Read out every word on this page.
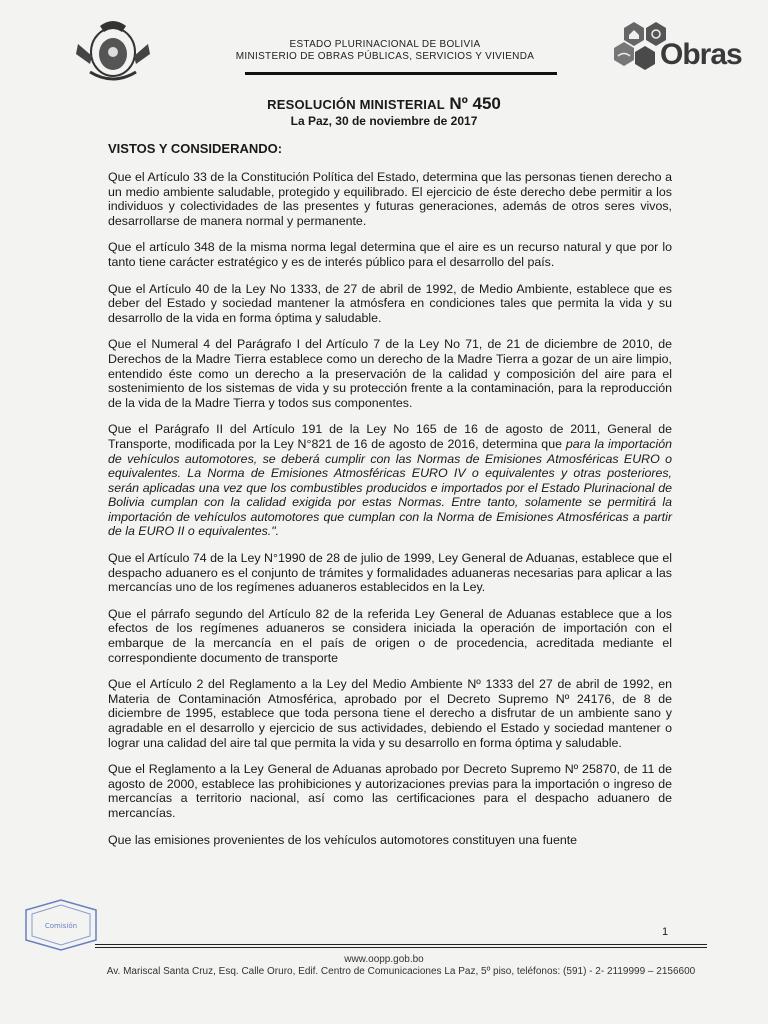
ESTADO PLURINACIONAL DE BOLIVIA
MINISTERIO DE OBRAS PÚBLICAS, SERVICIOS Y VIVIENDA	Obras
RESOLUCIÓN MINISTERIAL Nº 450
La Paz, 30 de noviembre de 2017
VISTOS Y CONSIDERANDO:

Que el Artículo 33 de la Constitución Política del Estado, determina que las personas tienen derecho a un medio ambiente saludable, protegido y equilibrado. El ejercicio de éste derecho debe permitir a los individuos y colectividades de las presentes y futuras generaciones, además de otros seres vivos, desarrollarse de manera normal y permanente.

Que el artículo 348 de la misma norma legal determina que el aire es un recurso natural y que por lo tanto tiene carácter estratégico y es de interés público para el desarrollo del país.

Que el Artículo 40 de la Ley No 1333, de 27 de abril de 1992, de Medio Ambiente, establece que es deber del Estado y sociedad mantener la atmósfera en condiciones tales que permita la vida y su desarrollo de la vida en forma óptima y saludable.

Que el Numeral 4 del Parágrafo I del Artículo 7 de la Ley No 71, de 21 de diciembre de 2010, de Derechos de la Madre Tierra establece como un derecho de la Madre Tierra a gozar de un aire limpio, entendido éste como un derecho a la preservación de la calidad y composición del aire para el sostenimiento de los sistemas de vida y su protección frente a la contaminación, para la reproducción de la vida de la Madre Tierra y todos sus componentes.

Que el Parágrafo II del Artículo 191 de la Ley No 165 de 16 de agosto de 2011, General de Transporte, modificada por la Ley N°821 de 16 de agosto de 2016, determina que para la importación de vehículos automotores, se deberá cumplir con las Normas de Emisiones Atmosféricas EURO o equivalentes. La Norma de Emisiones Atmosféricas EURO IV o equivalentes y otras posteriores, serán aplicadas una vez que los combustibles producidos e importados por el Estado Plurinacional de Bolivia cumplan con la calidad exigida por estas Normas. Entre tanto, solamente se permitirá la importación de vehículos automotores que cumplan con la Norma de Emisiones Atmosféricas a partir de la EURO II o equivalentes.".

Que el Artículo 74 de la Ley N°1990 de 28 de julio de 1999, Ley General de Aduanas, establece que el despacho aduanero es el conjunto de trámites y formalidades aduaneras necesarias para aplicar a las mercancías uno de los regímenes aduaneros establecidos en la Ley.

Que el párrafo segundo del Artículo 82 de la referida Ley General de Aduanas establece que a los efectos de los regímenes aduaneros se considera iniciada la operación de importación con el embarque de la mercancía en el país de origen o de procedencia, acreditada mediante el correspondiente documento de transporte

Que el Artículo 2 del Reglamento a la Ley del Medio Ambiente Nº 1333 del 27 de abril de 1992, en Materia de Contaminación Atmosférica, aprobado por el Decreto Supremo Nº 24176, de 8 de diciembre de 1995, establece que toda persona tiene el derecho a disfrutar de un ambiente sano y agradable en el desarrollo y ejercicio de sus actividades, debiendo el Estado y sociedad mantener o lograr una calidad del aire tal que permita la vida y su desarrollo en forma óptima y saludable.

Que el Reglamento a la Ley General de Aduanas aprobado por Decreto Supremo Nº 25870, de 11 de agosto de 2000, establece las prohibiciones y autorizaciones previas para la importación o ingreso de mercancías a territorio nacional, así como las certificaciones para el despacho aduanero de mercancías.

Que las emisiones provenientes de los vehículos automotores constituyen una fuente

1
Comisión
www.oopp.gob.bo
Av. Mariscal Santa Cruz, Esq. Calle Oruro, Edif. Centro de Comunicaciones La Paz, 5º piso, teléfonos: (591) - 2- 2119999 – 2156600
